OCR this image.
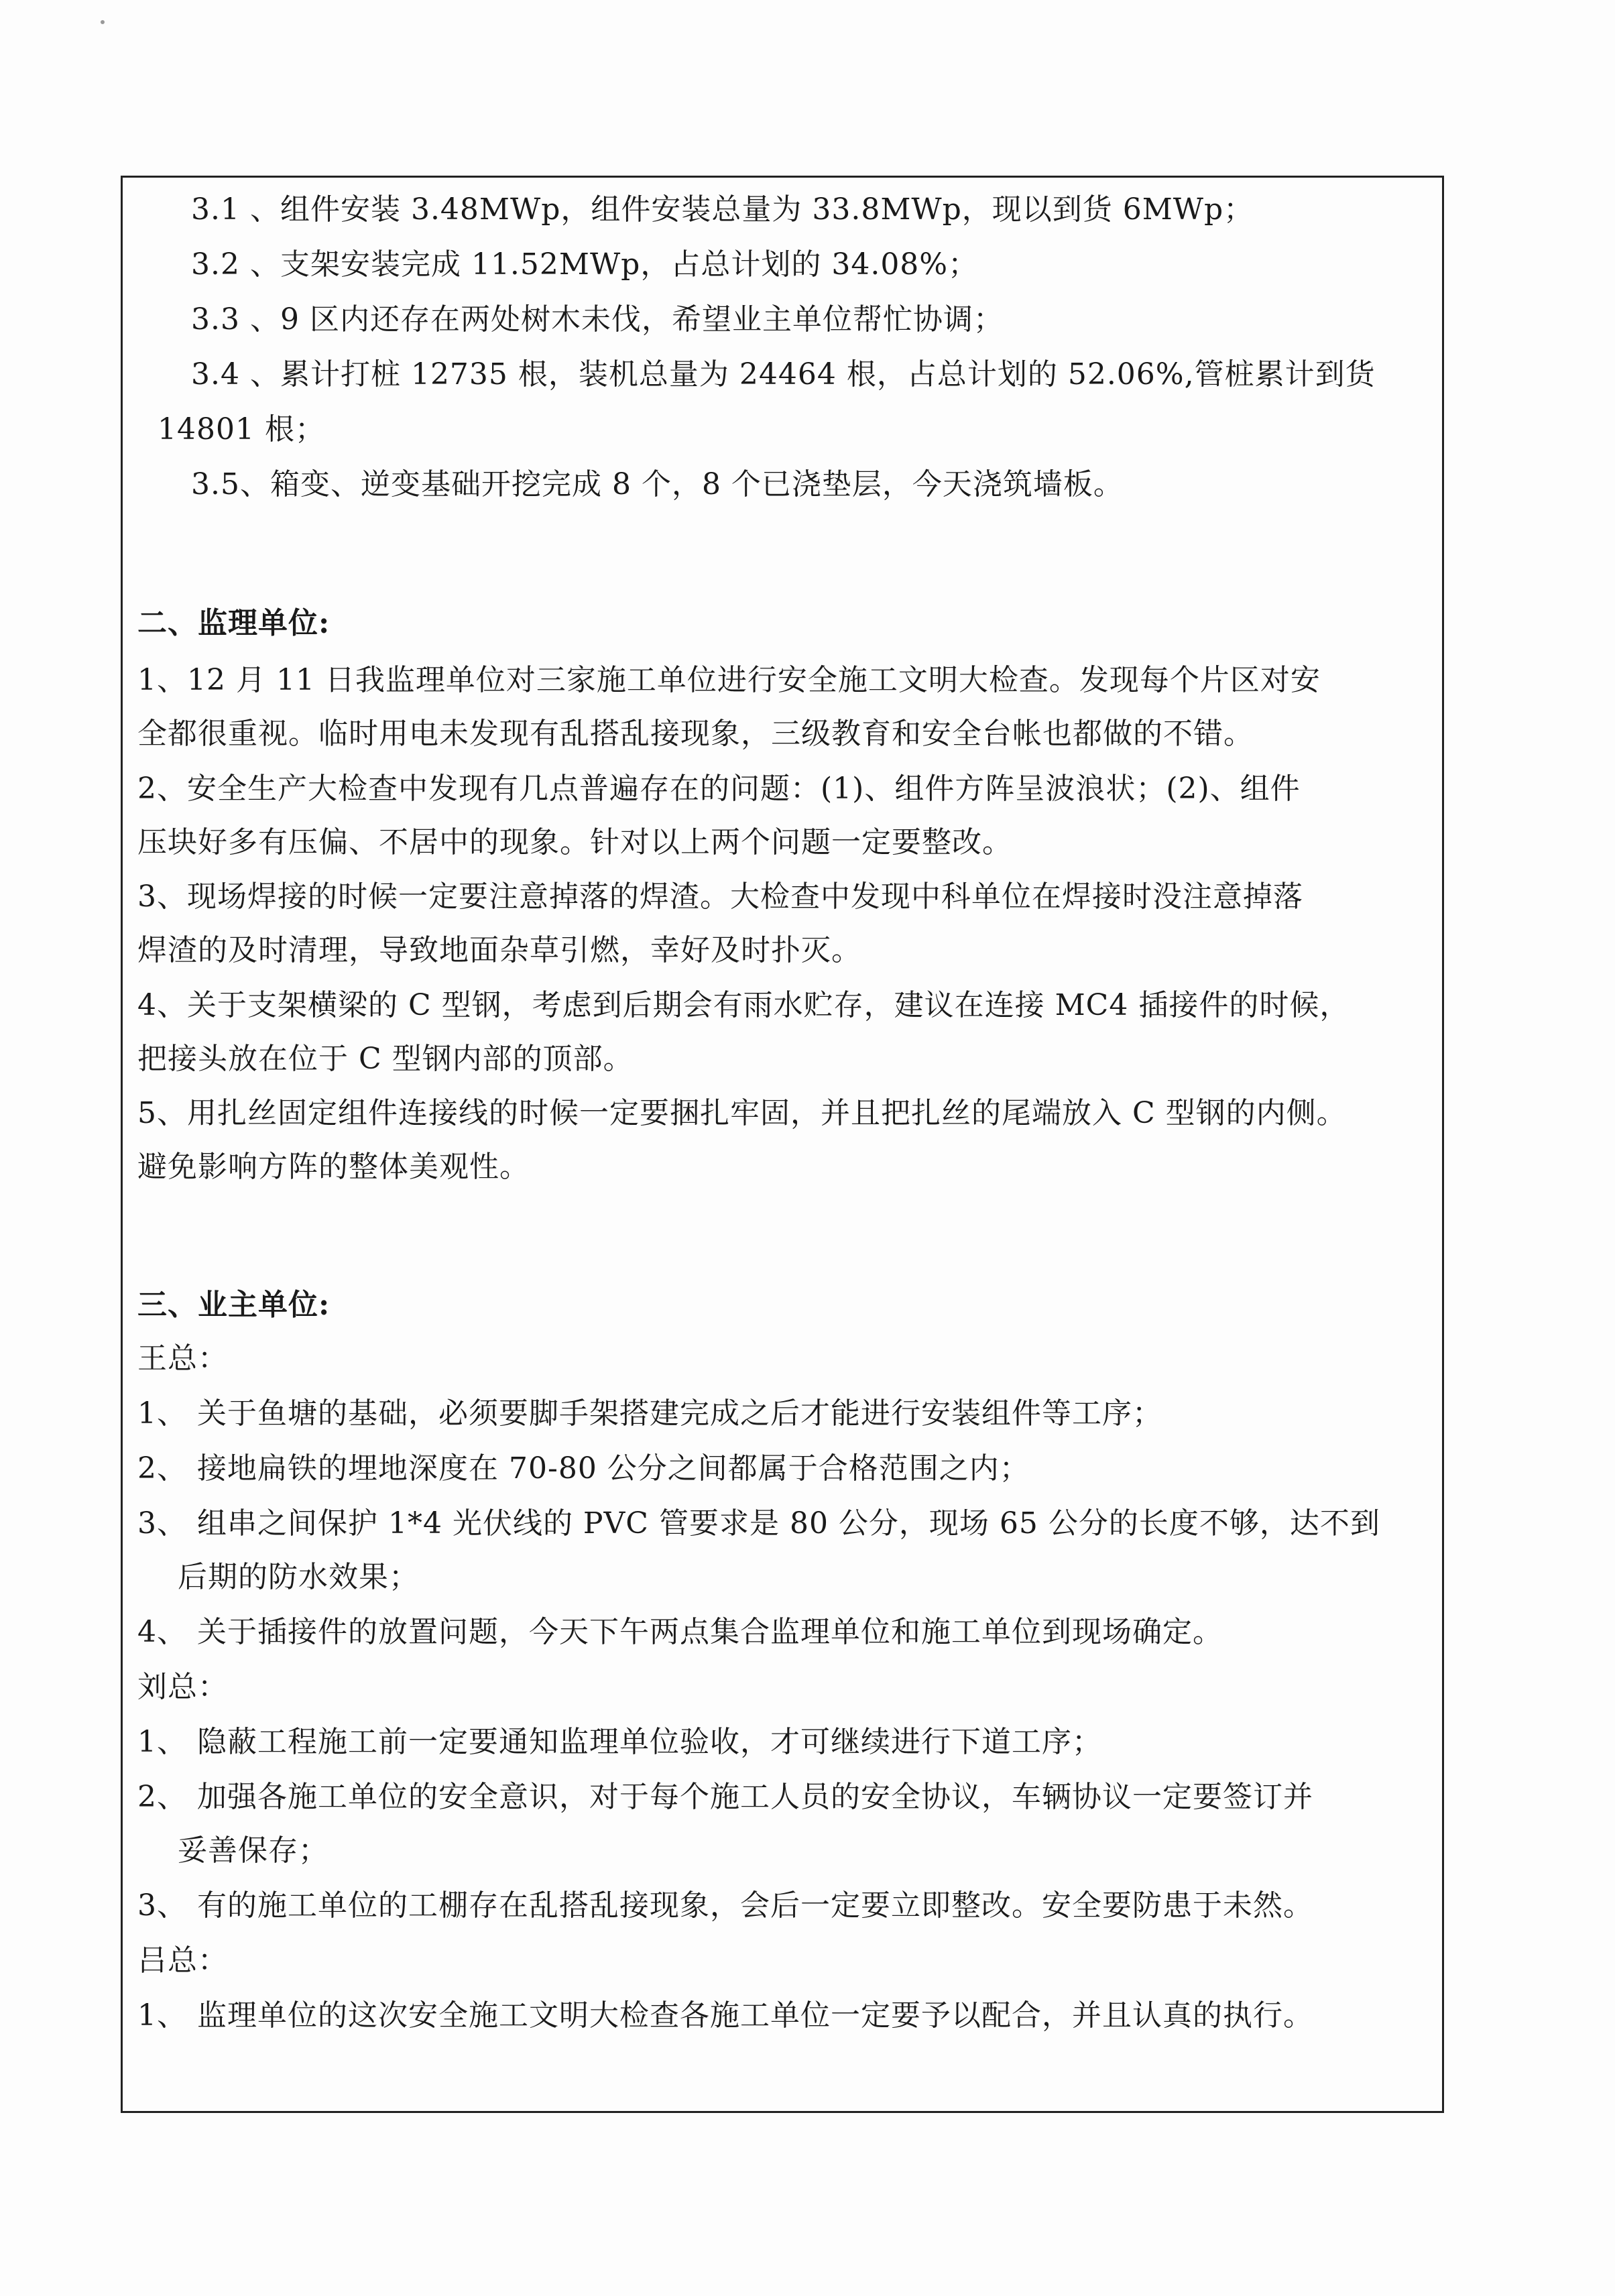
3.1 、组件安装 3.48MWp，组件安装总量为 33.8MWp，现以到货 6MWp；
3.2 、支架安装完成 11.52MWp，占总计划的 34.08%；
3.3 、9 区内还存在两处树木未伐，希望业主单位帮忙协调；
3.4 、累计打桩 12735 根，装机总量为 24464 根，占总计划的 52.06%,管桩累计到货
14801 根；
3.5、箱变、逆变基础开挖完成 8 个，8 个已浇垫层，今天浇筑墙板。
二、监理单位:
1、12 月 11 日我监理单位对三家施工单位进行安全施工文明大检查。发现每个片区对安
全都很重视。临时用电未发现有乱搭乱接现象，三级教育和安全台帐也都做的不错。
2、安全生产大检查中发现有几点普遍存在的问题：(1)、组件方阵呈波浪状；(2)、组件
压块好多有压偏、不居中的现象。针对以上两个问题一定要整改。
3、现场焊接的时候一定要注意掉落的焊渣。大检查中发现中科单位在焊接时没注意掉落
焊渣的及时清理，导致地面杂草引燃，幸好及时扑灭。
4、关于支架横梁的 C 型钢，考虑到后期会有雨水贮存，建议在连接 MC4 插接件的时候，
把接头放在位于 C 型钢内部的顶部。
5、用扎丝固定组件连接线的时候一定要捆扎牢固，并且把扎丝的尾端放入 C 型钢的内侧。
避免影响方阵的整体美观性。
三、业主单位:
王总：
1、 关于鱼塘的基础，必须要脚手架搭建完成之后才能进行安装组件等工序；
2、 接地扁铁的埋地深度在 70-80 公分之间都属于合格范围之内；
3、 组串之间保护 1*4 光伏线的 PVC 管要求是 80 公分，现场 65 公分的长度不够，达不到
后期的防水效果；
4、 关于插接件的放置问题，今天下午两点集合监理单位和施工单位到现场确定。
刘总：
1、 隐蔽工程施工前一定要通知监理单位验收，才可继续进行下道工序；
2、 加强各施工单位的安全意识，对于每个施工人员的安全协议，车辆协议一定要签订并
妥善保存；
3、 有的施工单位的工棚存在乱搭乱接现象，会后一定要立即整改。安全要防患于未然。
吕总：
1、 监理单位的这次安全施工文明大检查各施工单位一定要予以配合，并且认真的执行。
